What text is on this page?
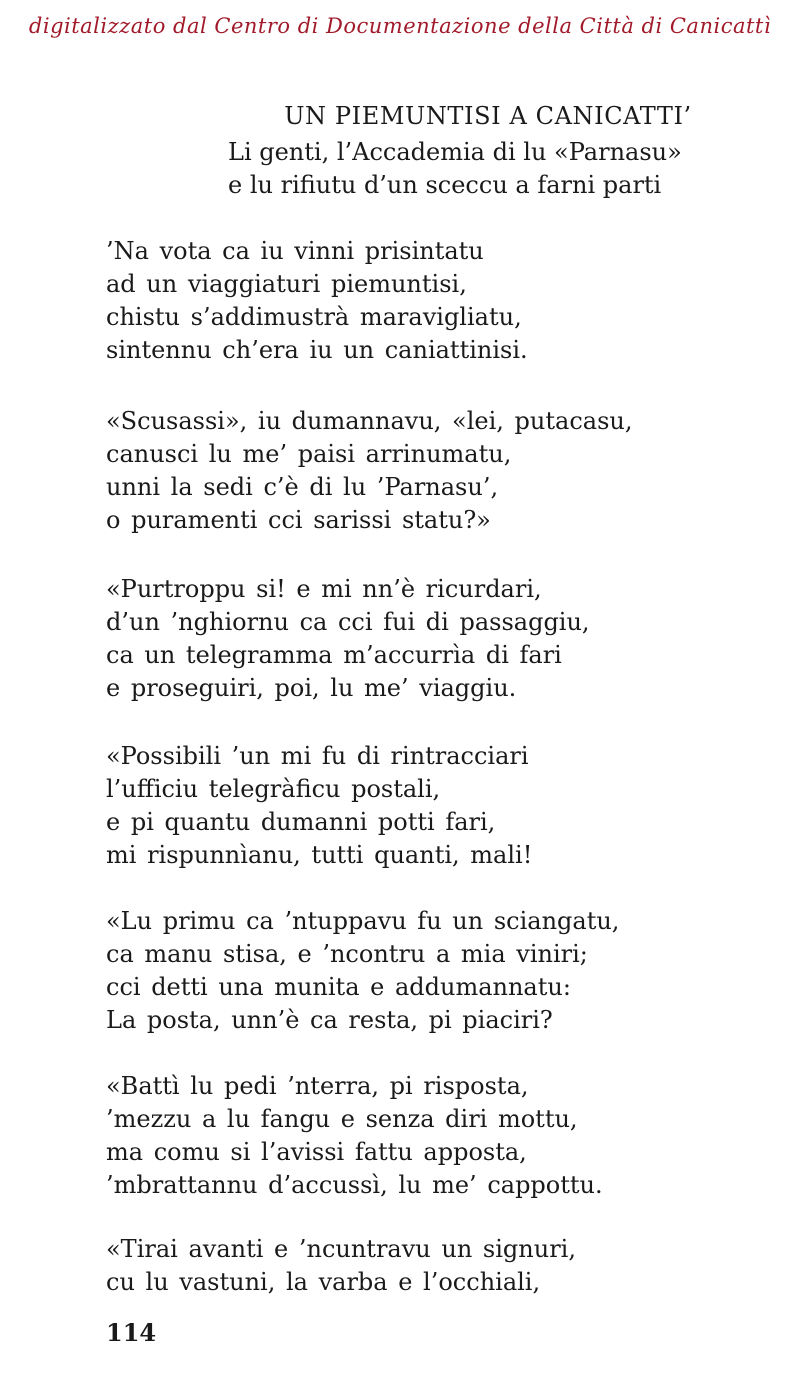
digitalizzato dal Centro di Documentazione della Città di Canicattì
UN PIEMUNTISI A CANICATTI’
Li genti, l’Accademia di lu «Parnasu»
e lu rifiutu d’un sceccu a farni parti
’Na vota ca iu vinni prisintatu
ad un viaggiaturi piemuntisi,
chistu s’addimustrà maravigliatu,
sintennu ch’era iu un caniattinisi.
«Scusassi», iu dumannavu, «lei, putacasu,
canusci lu me’ paisi arrinumatu,
unni la sedi c’è di lu ’Parnasu’,
o puramenti cci sarissi statu?»
«Purtroppu si! e mi nn’è ricurdari,
d’un ’nghiornu ca cci fui di passaggiu,
ca un telegramma m’accurrìa di fari
e proseguiri, poi, lu me’ viaggiu.
«Possibili ’un mi fu di rintracciari
l’ufficiu telegràficu postali,
e pi quantu dumanni potti fari,
mi rispunnìanu, tutti quanti, mali!
«Lu primu ca ’ntuppavu fu un sciangatu,
ca manu stisa, e ’ncontru a mia viniri;
cci detti una munita e addumannatu:
La posta, unn’è ca resta, pi piaciri?
«Battì lu pedi ’nterra, pi risposta,
’mezzu a lu fangu e senza diri mottu,
ma comu si l’avissi fattu apposta,
’mbrattannu d’accussì, lu me’ cappottu.
«Tirai avanti e ’ncuntravu un signuri,
cu lu vastuni, la varba e l’occhiali,
114
